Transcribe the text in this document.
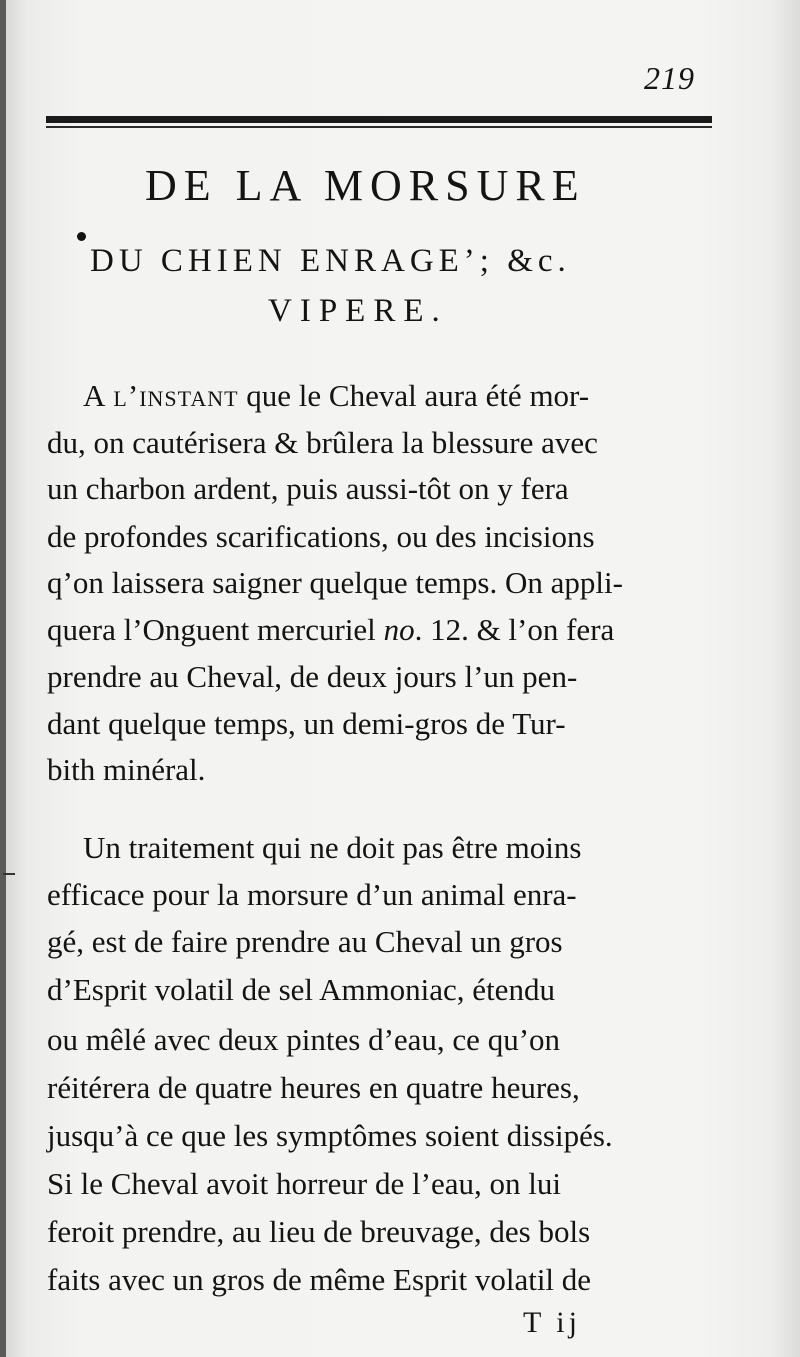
219
DE LA MORSURE
DU CHIEN ENRAGE’; &c.
VIPERE.
A l’instant que le Cheval aura été mor-
du, on cautérisera & brûlera la blessure avec
un charbon ardent, puis aussi-tôt on y fera
de profondes scarifications, ou des incisions
q’on laissera saigner quelque temps. On appli-
quera l’Onguent mercuriel no. 12. & l’on fera
prendre au Cheval, de deux jours l’un pen-
dant quelque temps, un demi-gros de Tur-
bith minéral.
Un traitement qui ne doit pas être moins
efficace pour la morsure d’un animal enra-
gé, est de faire prendre au Cheval un gros
d’Esprit volatil de sel Ammoniac, étendu
ou mêlé avec deux pintes d’eau, ce qu’on
réitérera de quatre heures en quatre heures,
jusqu’à ce que les symptômes soient dissipés.
Si le Cheval avoit horreur de l’eau, on lui
feroit prendre, au lieu de breuvage, des bols
faits avec un gros de même Esprit volatil de
T ij
